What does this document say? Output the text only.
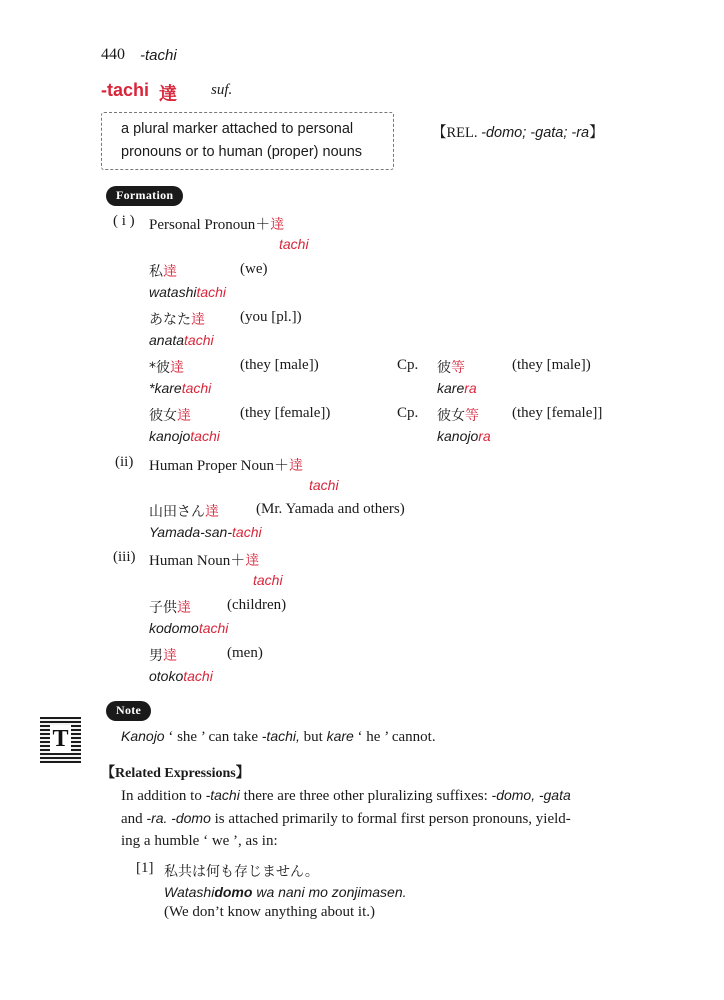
440 -tachi
-tachi 達 suf.
a plural marker attached to personal
pronouns or to human (proper) nouns
【REL. -domo; -gata; -ra】
Formation
( i ) Personal Pronoun＋達
tachi
私達	(we)
watashitachi
あなた達 (you [pl.])
anatatachi
*彼達	(they [male])
*karetachi
Cp. 彼等	(they [male])
karera
彼女達	(they [female])
kanojotachi
Cp. 彼女等 (they [female]]
kanojora
(ii) Human Proper Noun＋達
tachi
山田さん達 (Mr. Yamada and others)
Yamada-san-tachi
(iii) Human Noun＋達
tachi
子供達 (children)
kodomotachi
男達	(men)
otokotachi
Note
T	Kanojo ‘ she ’ can take -tachi, but kare ‘ he ’ cannot.
【Related Expressions】
In addition to -tachi there are three other pluralizing suffixes: -domo, -gata
and -ra. -domo is attached primarily to formal first person pronouns, yield-
ing a humble ‘ we ’, as in:
[1] 私共は何も存じません。
Watashidomo wa nani mo zonjimasen.
(We don’t know anything about it.)
